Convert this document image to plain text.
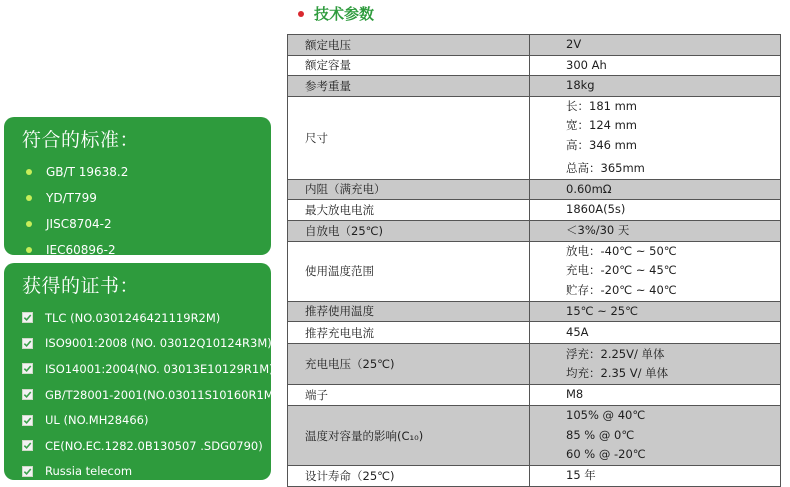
符合的标准：
GB/T 19638.2
YD/T799
JISC8704-2
IEC60896-2
获得的证书：
TLC (NO.0301246421119R2M)
ISO9001:2008 (NO. 03012Q10124R3M)
ISO14001:2004(NO. 03013E10129R1M)
GB/T28001-2001(NO.03011S10160R1M)
UL (NO.MH28466)
CE(NO.EC.1282.0B130507 .SDG0790)
Russia telecom
技术参数
额定电压	2V

额定容量	300 Ah

参考重量	18kg

尺寸	长：181 mm
宽：124 mm
高：346 mm
总高：365mm

内阻（满充电）	0.60mΩ

最大放电电流	1860A(5s)

自放电（25℃)	＜3%/30 天

使用温度范围	放电：-40℃ ~ 50℃
充电：-20℃ ~ 45℃
贮存：-20℃ ~ 40℃

推荐使用温度	15℃ ~ 25℃

推荐充电电流	45A

充电电压（25℃)	浮充：2.25V/ 单体
均充：2.35 V/ 单体

端子	M8

温度对容量的影响(C₁₀)	105% @ 40℃
85 % @ 0℃
60 % @ -20℃

设计寿命（25℃)	15 年
